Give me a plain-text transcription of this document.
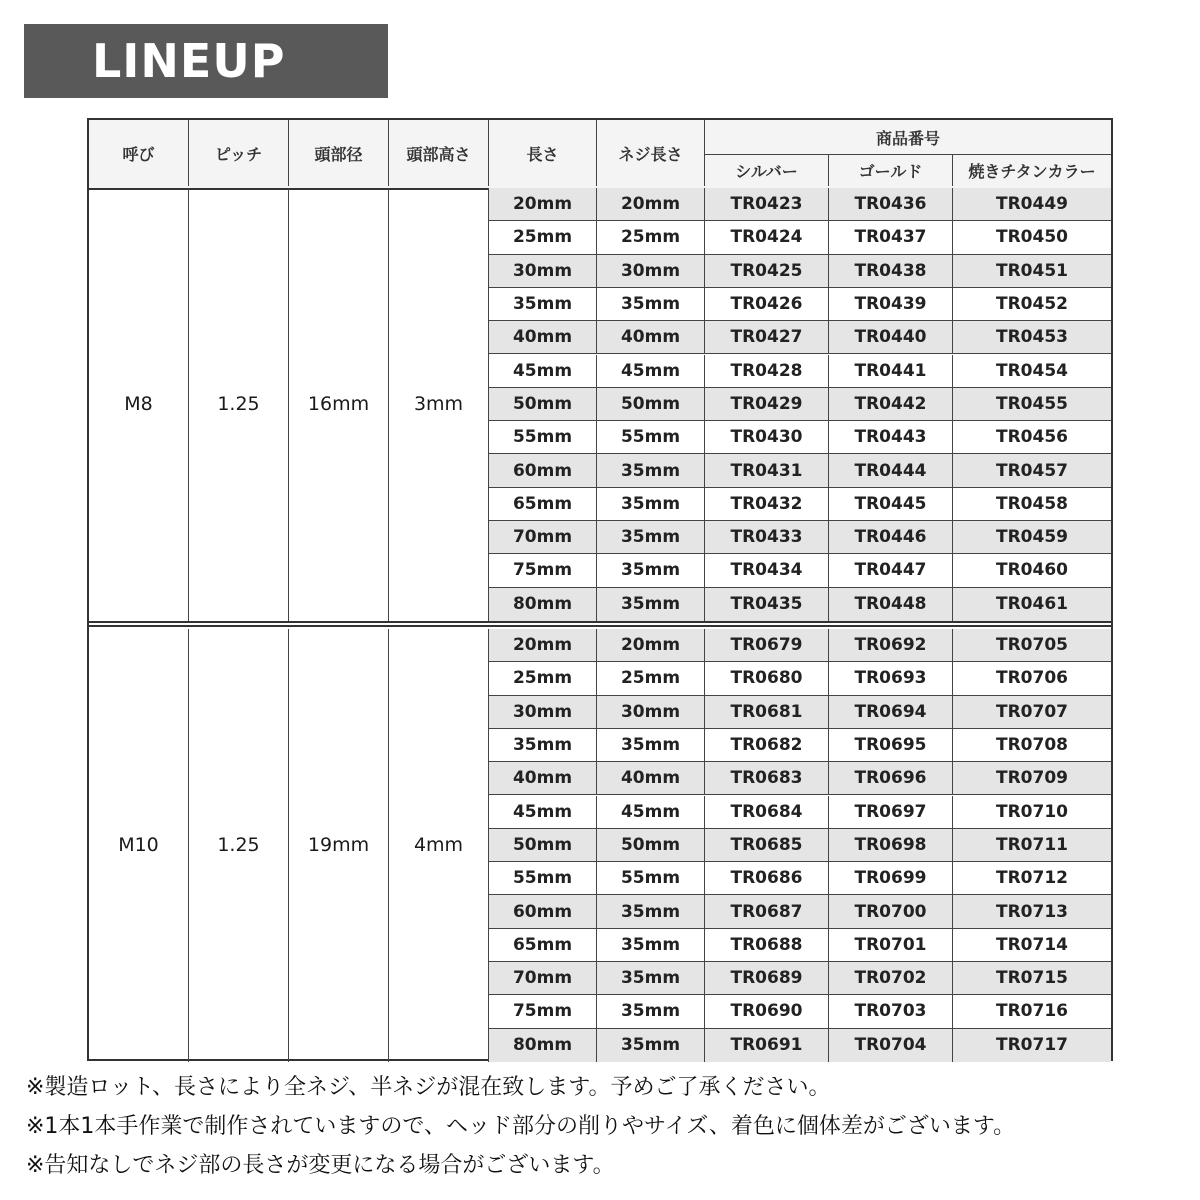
LINEUP
呼び	ピッチ	頭部径	頭部高さ	長さ	ネジ長さ
商品番号
シルバー	ゴールド	焼きチタンカラー
M8	1.25	16mm	3mm
20mm	20mm	TR0423	TR0436	TR0449
25mm	25mm	TR0424	TR0437	TR0450
30mm	30mm	TR0425	TR0438	TR0451
35mm	35mm	TR0426	TR0439	TR0452
40mm	40mm	TR0427	TR0440	TR0453
45mm	45mm	TR0428	TR0441	TR0454
50mm	50mm	TR0429	TR0442	TR0455
55mm	55mm	TR0430	TR0443	TR0456
60mm	35mm	TR0431	TR0444	TR0457
65mm	35mm	TR0432	TR0445	TR0458
70mm	35mm	TR0433	TR0446	TR0459
75mm	35mm	TR0434	TR0447	TR0460
80mm	35mm	TR0435	TR0448	TR0461
M10	1.25	19mm	4mm
20mm	20mm	TR0679	TR0692	TR0705
25mm	25mm	TR0680	TR0693	TR0706
30mm	30mm	TR0681	TR0694	TR0707
35mm	35mm	TR0682	TR0695	TR0708
40mm	40mm	TR0683	TR0696	TR0709
45mm	45mm	TR0684	TR0697	TR0710
50mm	50mm	TR0685	TR0698	TR0711
55mm	55mm	TR0686	TR0699	TR0712
60mm	35mm	TR0687	TR0700	TR0713
65mm	35mm	TR0688	TR0701	TR0714
70mm	35mm	TR0689	TR0702	TR0715
75mm	35mm	TR0690	TR0703	TR0716
80mm	35mm	TR0691	TR0704	TR0717
※製造ロット、長さにより全ネジ、半ネジが混在致します。予めご了承ください。
※1本1本手作業で制作されていますので、ヘッド部分の削りやサイズ、着色に個体差がございます。
※告知なしでネジ部の長さが変更になる場合がございます。
